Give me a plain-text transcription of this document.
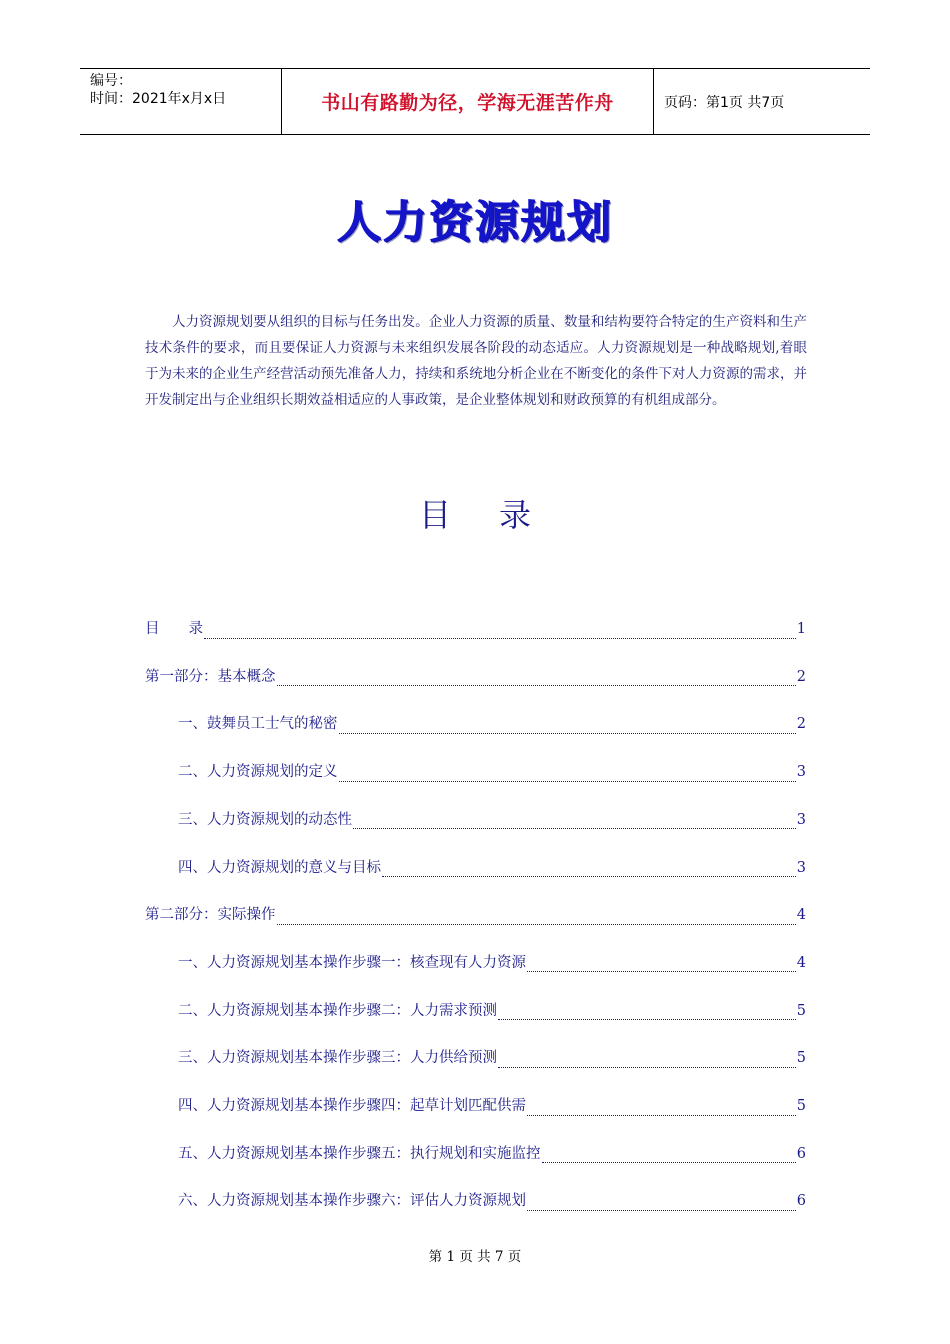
编号：
时间：2021年x月x日	书山有路勤为径，学海无涯苦作舟	页码：第1页 共7页
人力资源规划
人力资源规划要从组织的目标与任务出发。企业人力资源的质量、数量和结构要符合特定的生产资料和生产技术条件的要求，而且要保证人力资源与未来组织发展各阶段的动态适应。人力资源规划是一种战略规划,着眼于为未来的企业生产经营活动预先准备人力，持续和系统地分析企业在不断变化的条件下对人力资源的需求，并开发制定出与企业组织长期效益相适应的人事政策，是企业整体规划和财政预算的有机组成部分。
目 录
目　　录	1
第一部分：基本概念	2
一、鼓舞员工士气的秘密	2
二、人力资源规划的定义	3
三、人力资源规划的动态性	3
四、人力资源规划的意义与目标	3
第二部分：实际操作	4
一、人力资源规划基本操作步骤一：核查现有人力资源	4
二、人力资源规划基本操作步骤二：人力需求预测	5
三、人力资源规划基本操作步骤三：人力供给预测	5
四、人力资源规划基本操作步骤四：起草计划匹配供需	5
五、人力资源规划基本操作步骤五：执行规划和实施监控	6
六、人力资源规划基本操作步骤六：评估人力资源规划	6
第 1 页 共 7 页
